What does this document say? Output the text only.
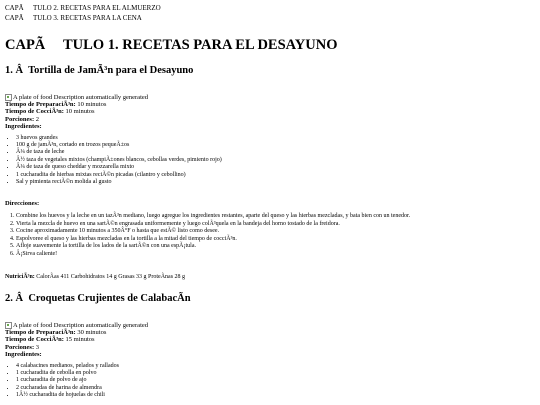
CAPÃ	TULO 2. RECETAS PARA EL ALMUERZO
CAPÃ	TULO 3. RECETAS PARA LA CENA
CAPÃ	TULO 1. RECETAS PARA EL DESAYUNO
1. Â  Tortilla de JamÃ³n para el Desayuno
A plate of food Description automatically generated
Tiempo de PreparaciÃ³n: 10 minutos
Tiempo de CocciÃ³n: 10 minutos
Porciones: 2
Ingredientes:
• 3 huevos grandes
• 100 g de jamÃ³n, cortado en trozos pequeÃ±os
• Â¼ de taza de leche
• Â½ taza de vegetales mixtos (champiÃ±ones blancos, cebollas verdes, pimiento rojo)
• Â¼ de taza de queso cheddar y mozzarella mixto
• 1 cucharadita de hierbas mixtas reciÃ©n picadas (cilantro y cebollino)
• Sal y pimienta reciÃ©n molida al gusto
Direcciones:
1. Combine los huevos y la leche en un tazÃ³n mediano, luego agregue los ingredientes restantes, aparte del queso y las hierbas mezcladas, y bata bien con un tenedor.
2. Vierta la mezcla de huevo en una sartÃ©n engrasada uniformemente y luego colÃ³quela en la bandeja del horno tostado de la freidora.
3. Cocine aproximadamente 10 minutos a 350Â°F o hasta que estÃ© listo como desee.
4. Espolvoree el queso y las hierbas mezcladas en la tortilla a la mitad del tiempo de cocciÃ³n.
5. Afloje suavemente la tortilla de los lados de la sartÃ©n con una espÃ¡tula.
6. Â¡Sirva caliente!
NutriciÃ³n: CalorÃas 411 Carbohidratos 14 g Grasas 33 g ProteÃnas 28 g
2. Â  Croquetas Crujientes de CalabacÃn
A plate of food Description automatically generated
Tiempo de PreparaciÃ³n: 30 minutos
Tiempo de CocciÃ³n: 15 minutos
Porciones: 3
Ingredientes:
• 4 calabacines medianos, pelados y rallados
• 1 cucharadita de cebolla en polvo
• 1 cucharadita de polvo de ajo
• 2 cucharadas de harina de almendra
• 1Â½ cucharadita de hojuelas de chili
